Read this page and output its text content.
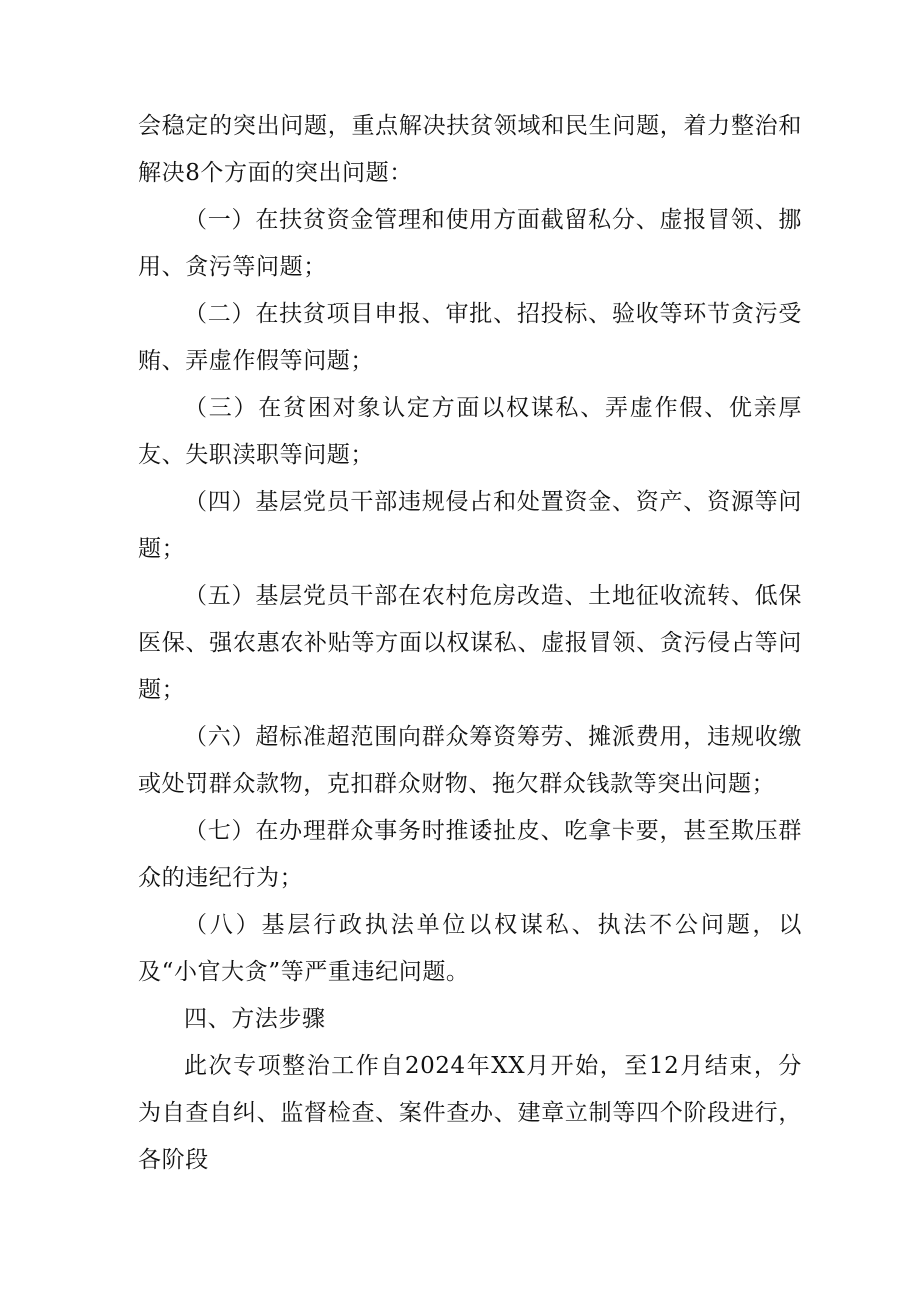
会稳定的突出问题，重点解决扶贫领域和民生问题，着力整治和解决8个方面的突出问题：

（一）在扶贫资金管理和使用方面截留私分、虚报冒领、挪用、贪污等问题；

（二）在扶贫项目申报、审批、招投标、验收等环节贪污受贿、弄虚作假等问题；

（三）在贫困对象认定方面以权谋私、弄虚作假、优亲厚友、失职渎职等问题；

（四）基层党员干部违规侵占和处置资金、资产、资源等问题；

（五）基层党员干部在农村危房改造、土地征收流转、低保医保、强农惠农补贴等方面以权谋私、虚报冒领、贪污侵占等问题；

（六）超标准超范围向群众筹资筹劳、摊派费用，违规收缴或处罚群众款物，克扣群众财物、拖欠群众钱款等突出问题；

（七）在办理群众事务时推诿扯皮、吃拿卡要，甚至欺压群众的违纪行为；

（八）基层行政执法单位以权谋私、执法不公问题，以及“小官大贪”等严重违纪问题。

四、方法步骤

此次专项整治工作自2024年XX月开始，至12月结束，分为自查自纠、监督检查、案件查办、建章立制等四个阶段进行，各阶段
